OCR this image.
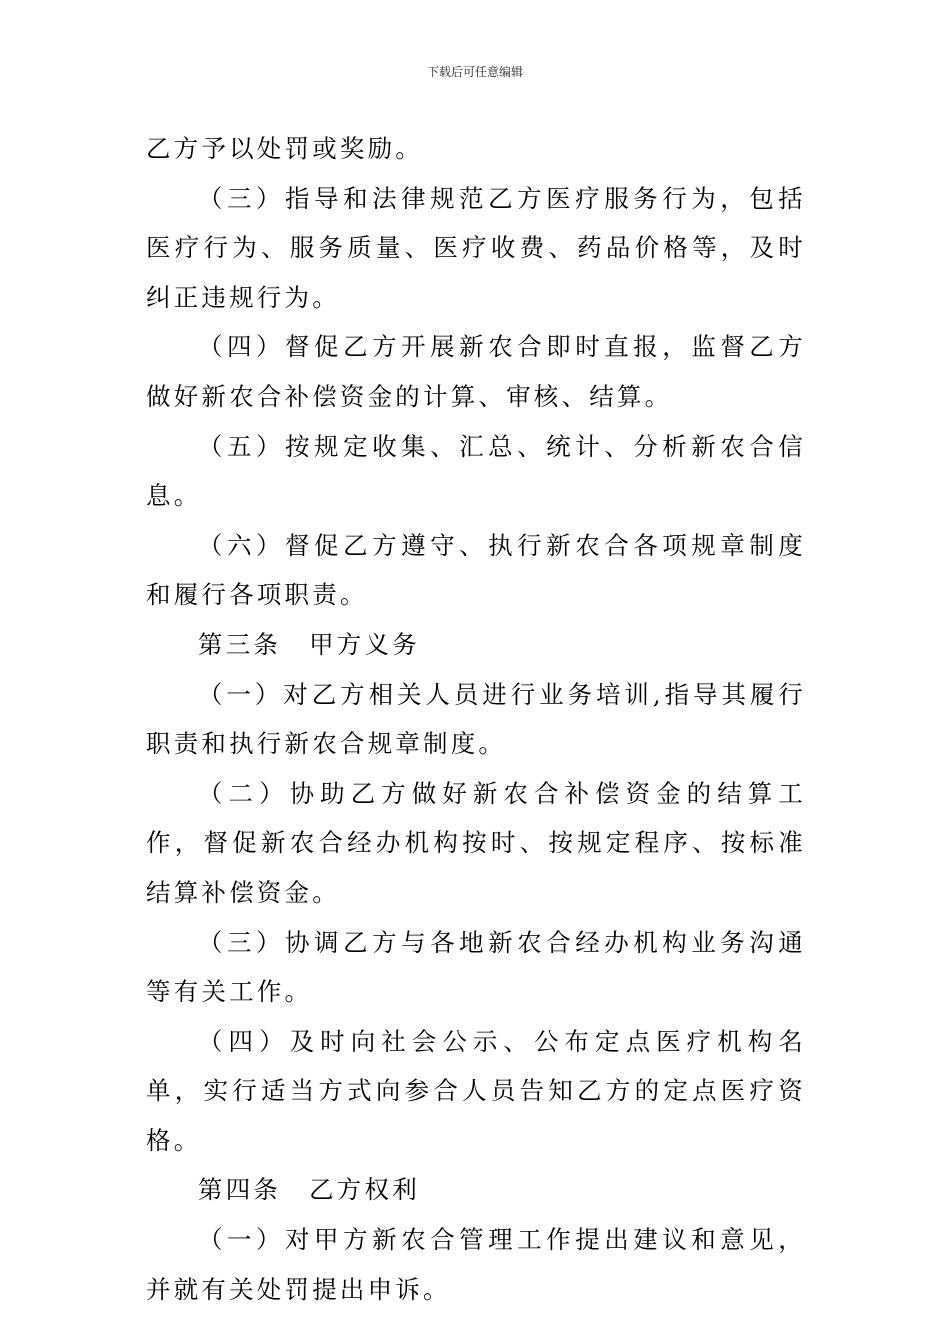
下载后可任意编辑

乙方予以处罚或奖励。

（三）指导和法律规范乙方医疗服务行为，包括医疗行为、服务质量、医疗收费、药品价格等，及时纠正违规行为。

（四）督促乙方开展新农合即时直报，监督乙方做好新农合补偿资金的计算、审核、结算。

（五）按规定收集、汇总、统计、分析新农合信息。

（六）督促乙方遵守、执行新农合各项规章制度和履行各项职责。

第三条 甲方义务

（一）对乙方相关人员进行业务培训,指导其履行职责和执行新农合规章制度。

（二）协助乙方做好新农合补偿资金的结算工作，督促新农合经办机构按时、按规定程序、按标准结算补偿资金。

（三）协调乙方与各地新农合经办机构业务沟通等有关工作。

（四）及时向社会公示、公布定点医疗机构名单，实行适当方式向参合人员告知乙方的定点医疗资格。

第四条 乙方权利

（一）对甲方新农合管理工作提出建议和意见，并就有关处罚提出申诉。
